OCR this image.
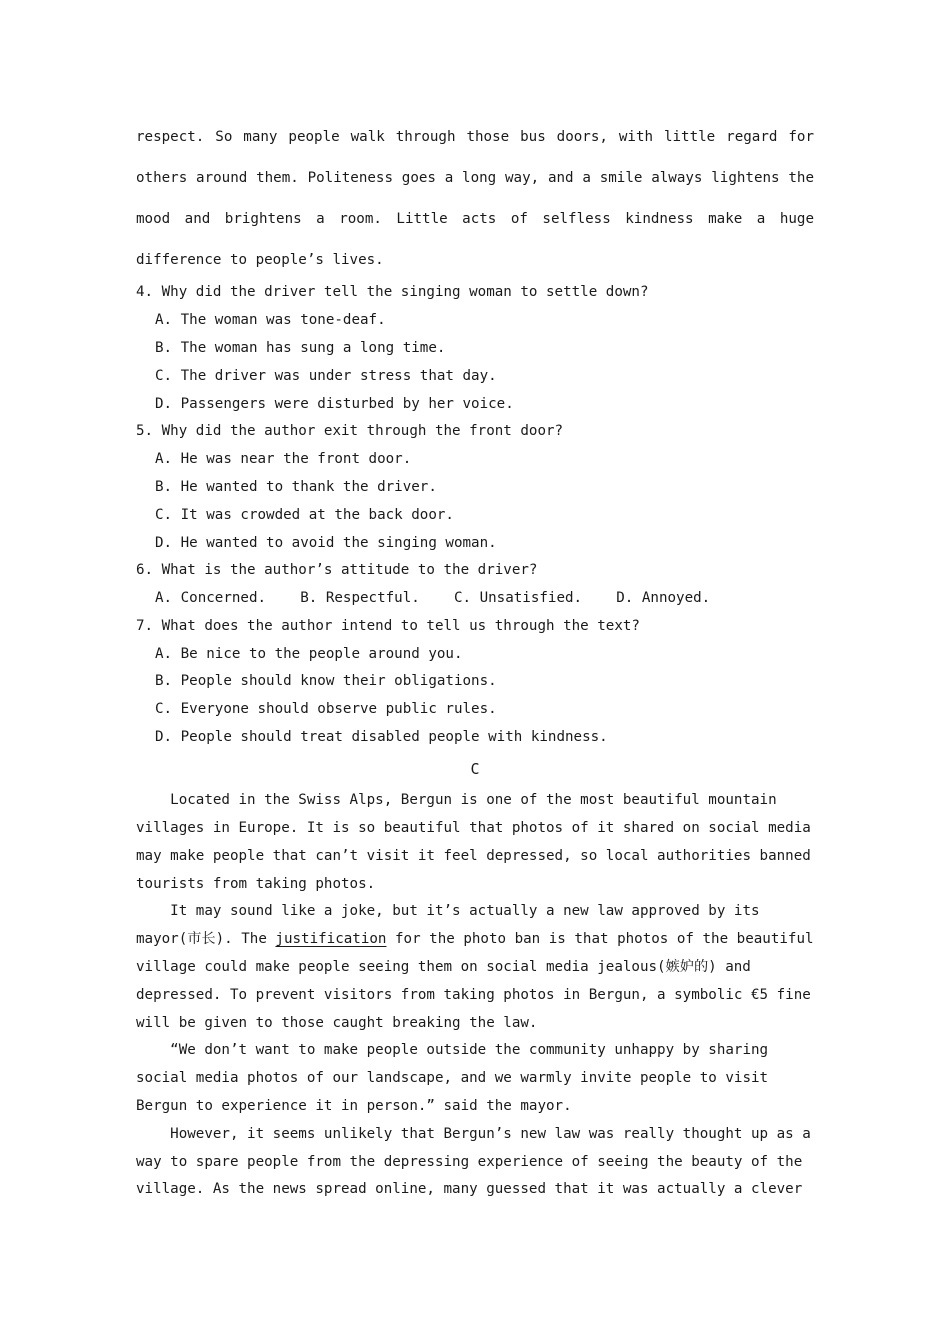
respect. So many people walk through those bus doors, with little regard for
others around them. Politeness goes a long way, and a smile always lightens the
mood and brightens a room. Little acts of selfless kindness make a huge
difference to people’s lives.
4. Why did the driver tell the singing woman to settle down?
A. The woman was tone-deaf.
B. The woman has sung a long time.
C. The driver was under stress that day.
D. Passengers were disturbed by her voice.
5. Why did the author exit through the front door?
A. He was near the front door.
B. He wanted to thank the driver.
C. It was crowded at the back door.
D. He wanted to avoid the singing woman.
6. What is the author’s attitude to the driver?
A. Concerned.    B. Respectful.    C. Unsatisfied.    D. Annoyed.
7. What does the author intend to tell us through the text?
A. Be nice to the people around you.
B. People should know their obligations.
C. Everyone should observe public rules.
D. People should treat disabled people with kindness.
C
Located in the Swiss Alps, Bergun is one of the most beautiful mountain
villages in Europe. It is so beautiful that photos of it shared on social media
may make people that can’t visit it feel depressed, so local authorities banned
tourists from taking photos.
It may sound like a joke, but it’s actually a new law approved by its
mayor(市长). The justification for the photo ban is that photos of the beautiful
village could make people seeing them on social media jealous(嫉妒的) and
depressed. To prevent visitors from taking photos in Bergun, a symbolic €5 fine
will be given to those caught breaking the law.
“We don’t want to make people outside the community unhappy by sharing
social media photos of our landscape, and we warmly invite people to visit
Bergun to experience it in person.” said the mayor.
However, it seems unlikely that Bergun’s new law was really thought up as a
way to spare people from the depressing experience of seeing the beauty of the
village. As the news spread online, many guessed that it was actually a clever
